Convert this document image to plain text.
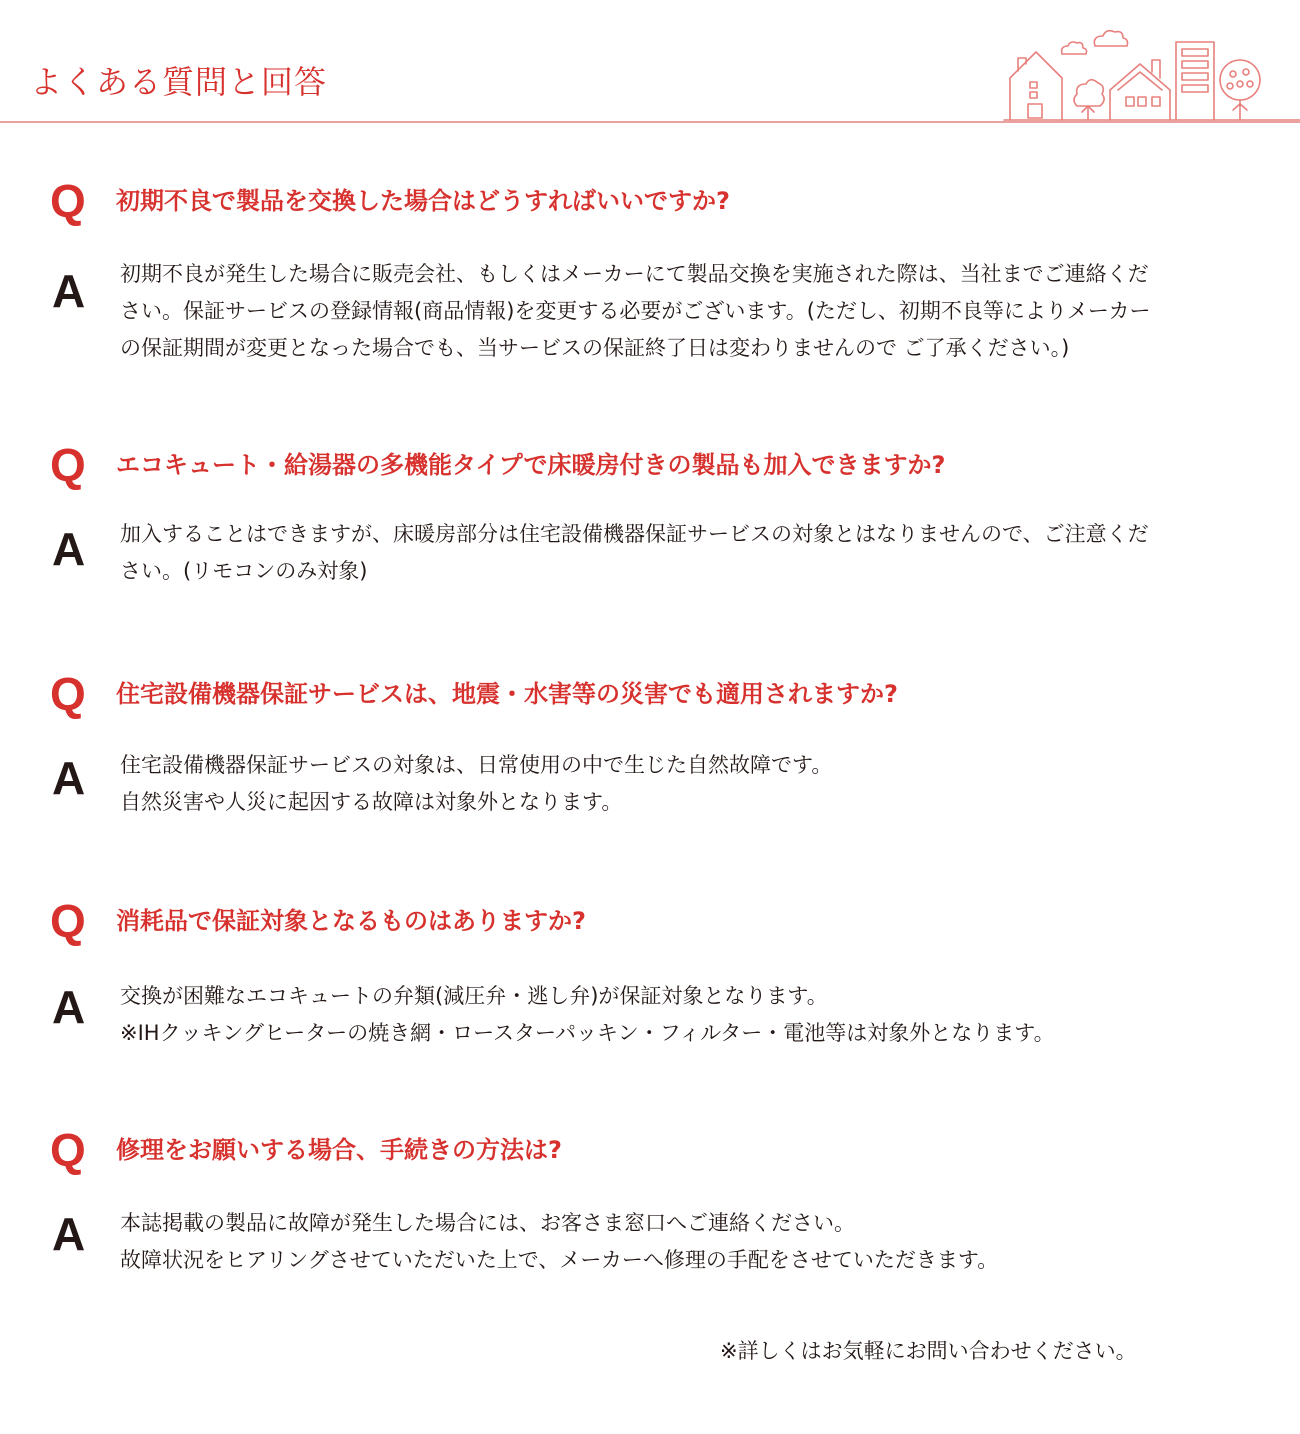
よくある質問と回答
Q 初期不良で製品を交換した場合はどうすればいいですか?

A 初期不良が発生した場合に販売会社、もしくはメーカーにて製品交換を実施された際は、当社までご連絡くだ
さい。保証サービスの登録情報(商品情報)を変更する必要がございます。(ただし、初期不良等によりメーカー
の保証期間が変更となった場合でも、当サービスの保証終了日は変わりませんので ご了承ください。)

Q エコキュート・給湯器の多機能タイプで床暖房付きの製品も加入できますか?

A 加入することはできますが、床暖房部分は住宅設備機器保証サービスの対象とはなりませんので、ご注意くだ
さい。(リモコンのみ対象)

Q 住宅設備機器保証サービスは、地震・水害等の災害でも適用されますか?

A 住宅設備機器保証サービスの対象は、日常使用の中で生じた自然故障です。
自然災害や人災に起因する故障は対象外となります。

Q 消耗品で保証対象となるものはありますか?

A 交換が困難なエコキュートの弁類(減圧弁・逃し弁)が保証対象となります。
※IHクッキングヒーターの焼き網・ロースターパッキン・フィルター・電池等は対象外となります。

Q 修理をお願いする場合、手続きの方法は?

A 本誌掲載の製品に故障が発生した場合には、お客さま窓口へご連絡ください。
故障状況をヒアリングさせていただいた上で、メーカーへ修理の手配をさせていただきます。

※詳しくはお気軽にお問い合わせください。
